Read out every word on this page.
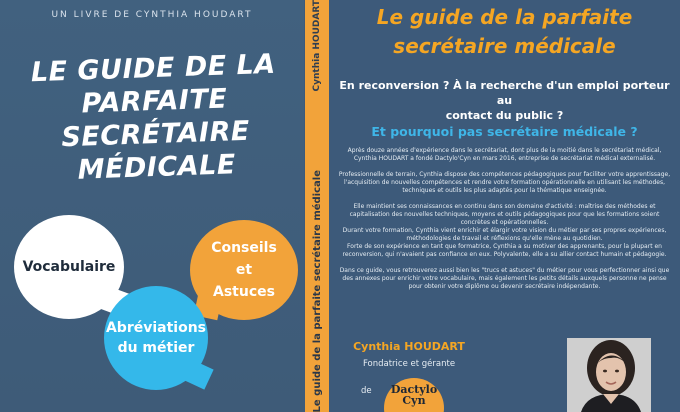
UN LIVRE DE CYNTHIA HOUDART
LE GUIDE DE LA
PARFAITE
SECRÉTAIRE
MÉDICALE
Vocabulaire
Conseils
et
Astuces
Abréviations
du métier
Cynthia HOUDART
Le guide de la parfaite secrétaire médicale
Le guide de la parfaite
secrétaire médicale
En reconversion ? À la recherche d'un emploi porteur au
contact du public ?
Et pourquoi pas secrétaire médicale ?

Après douze années d'expérience dans le secrétariat, dont plus de la moitié dans le secrétariat médical, Cynthia HOUDART a fondé Dactylo'Cyn en mars 2016, entreprise de secrétariat médical externalisé.

Professionnelle de terrain, Cynthia dispose des compétences pédagogiques pour faciliter votre apprentissage, l'acquisition de nouvelles compétences et rendre votre formation opérationnelle en utilisant les méthodes, techniques et outils les plus adaptés pour la thématique enseignée.

Elle maintient ses connaissances en continu dans son domaine d'activité : maîtrise des méthodes et capitalisation des nouvelles techniques, moyens et outils pédagogiques pour que les formations soient concrètes et opérationnelles.

Durant votre formation, Cynthia vient enrichir et élargir votre vision du métier par ses propres expériences, méthodologies de travail et réflexions qu'elle mène au quotidien.

Forte de son expérience en tant que formatrice, Cynthia a su motiver des apprenants, pour la plupart en reconversion, qui n'avaient pas confiance en eux. Polyvalente, elle a su allier contact humain et pédagogie.

Dans ce guide, vous retrouverez aussi bien les "trucs et astuces" du métier pour vous perfectionner ainsi que des annexes pour enrichir votre vocabulaire, mais également les petits détails auxquels personne ne pense pour obtenir votre diplôme ou devenir secrétaire indépendante.

Cynthia HOUDART
Fondatrice et gérante
de Dactylo
Cyn
